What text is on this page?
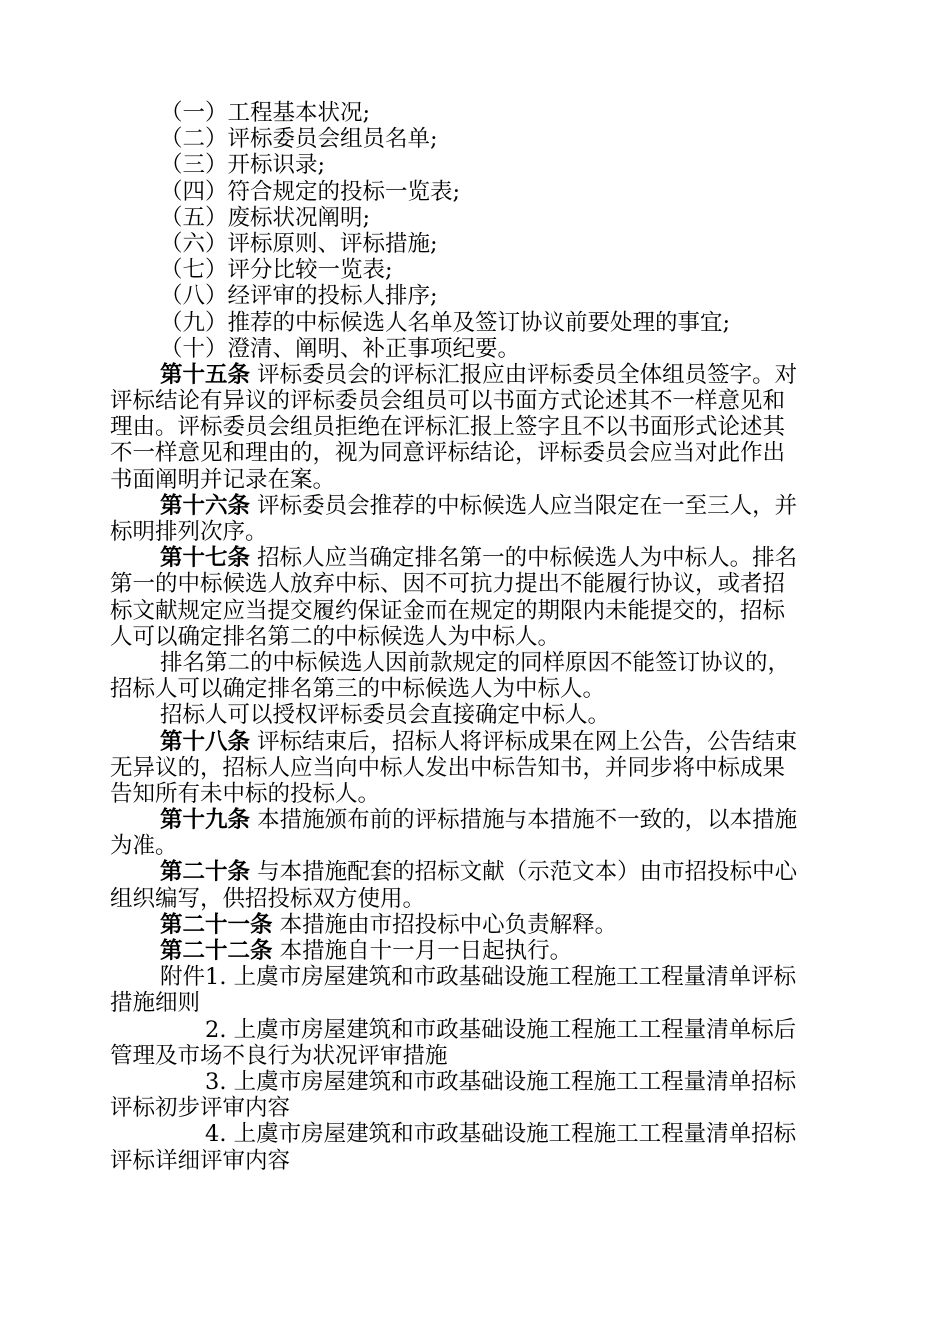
（一）工程基本状况;
（二）评标委员会组员名单;
（三）开标识录;
（四）符合规定的投标一览表;
（五）废标状况阐明;
（六）评标原则、评标措施;
（七）评分比较一览表;
（八）经评审的投标人排序;
（九）推荐的中标候选人名单及签订协议前要处理的事宜;
（十）澄清、阐明、补正事项纪要。
第十五条 评标委员会的评标汇报应由评标委员全体组员签字。对
评标结论有异议的评标委员会组员可以书面方式论述其不一样意见和
理由。评标委员会组员拒绝在评标汇报上签字且不以书面形式论述其
不一样意见和理由的，视为同意评标结论，评标委员会应当对此作出
书面阐明并记录在案。
第十六条 评标委员会推荐的中标候选人应当限定在一至三人，并
标明排列次序。
第十七条 招标人应当确定排名第一的中标候选人为中标人。排名
第一的中标候选人放弃中标、因不可抗力提出不能履行协议，或者招
标文献规定应当提交履约保证金而在规定的期限内未能提交的，招标
人可以确定排名第二的中标候选人为中标人。
排名第二的中标候选人因前款规定的同样原因不能签订协议的，
招标人可以确定排名第三的中标候选人为中标人。
招标人可以授权评标委员会直接确定中标人。
第十八条 评标结束后，招标人将评标成果在网上公告，公告结束
无异议的，招标人应当向中标人发出中标告知书，并同步将中标成果
告知所有未中标的投标人。
第十九条 本措施颁布前的评标措施与本措施不一致的，以本措施
为准。
第二十条 与本措施配套的招标文献（示范文本）由市招投标中心
组织编写，供招投标双方使用。
第二十一条 本措施由市招投标中心负责解释。
第二十二条 本措施自十一月一日起执行。
附件1. 上虞市房屋建筑和市政基础设施工程施工工程量清单评标
措施细则
2. 上虞市房屋建筑和市政基础设施工程施工工程量清单标后
管理及市场不良行为状况评审措施
3. 上虞市房屋建筑和市政基础设施工程施工工程量清单招标
评标初步评审内容
4. 上虞市房屋建筑和市政基础设施工程施工工程量清单招标
评标详细评审内容
